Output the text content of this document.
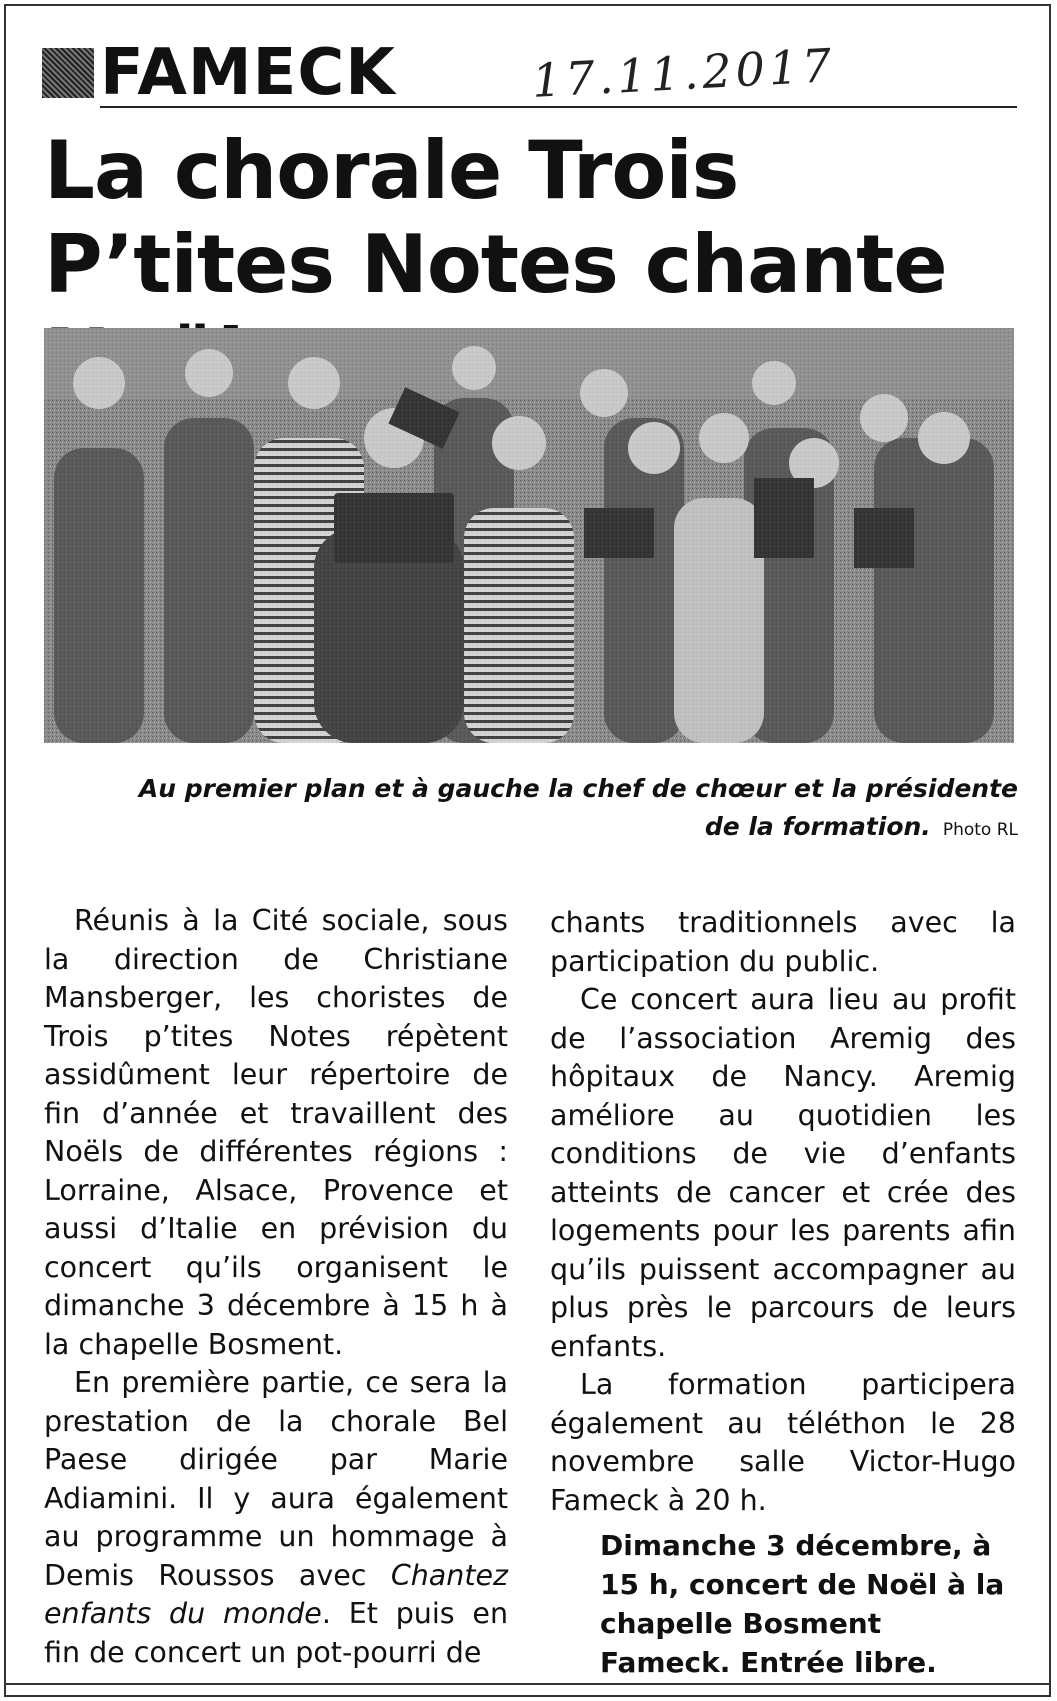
FAMECK	17.11.2017
La chorale Trois P’tites Notes chante

Au premier plan et à gauche la chef de chœur et la présidente de la formation. Photo RL

Réunis à la Cité sociale, sous la direction de Christiane Mansberger, les choristes de Trois p’tites Notes répètent assidûment leur répertoire de fin d’année et travaillent des Noëls de différentes régions : Lorraine, Alsace, Provence et aussi d’Italie en prévision du concert qu’ils organisent le dimanche 3 décembre à 15 h à la chapelle Bosment.

En première partie, ce sera la prestation de la chorale Bel Paese dirigée par Marie Adiamini. Il y aura également au programme un hommage à Demis Roussos avec Chantez enfants du monde. Et puis en fin de concert un pot-pourri de

chants traditionnels avec la participation du public.

Ce concert aura lieu au profit de l’association Aremig des hôpitaux de Nancy. Aremig améliore au quotidien les conditions de vie d’enfants atteints de cancer et crée des logements pour les parents afin qu’ils puissent accompagner au plus près le parcours de leurs enfants.

La formation participera également au téléthon le 28 novembre salle Victor-Hugo Fameck à 20 h.

Dimanche 3 décembre, à 15 h, concert de Noël à la chapelle Bosment Fameck. Entrée libre.
